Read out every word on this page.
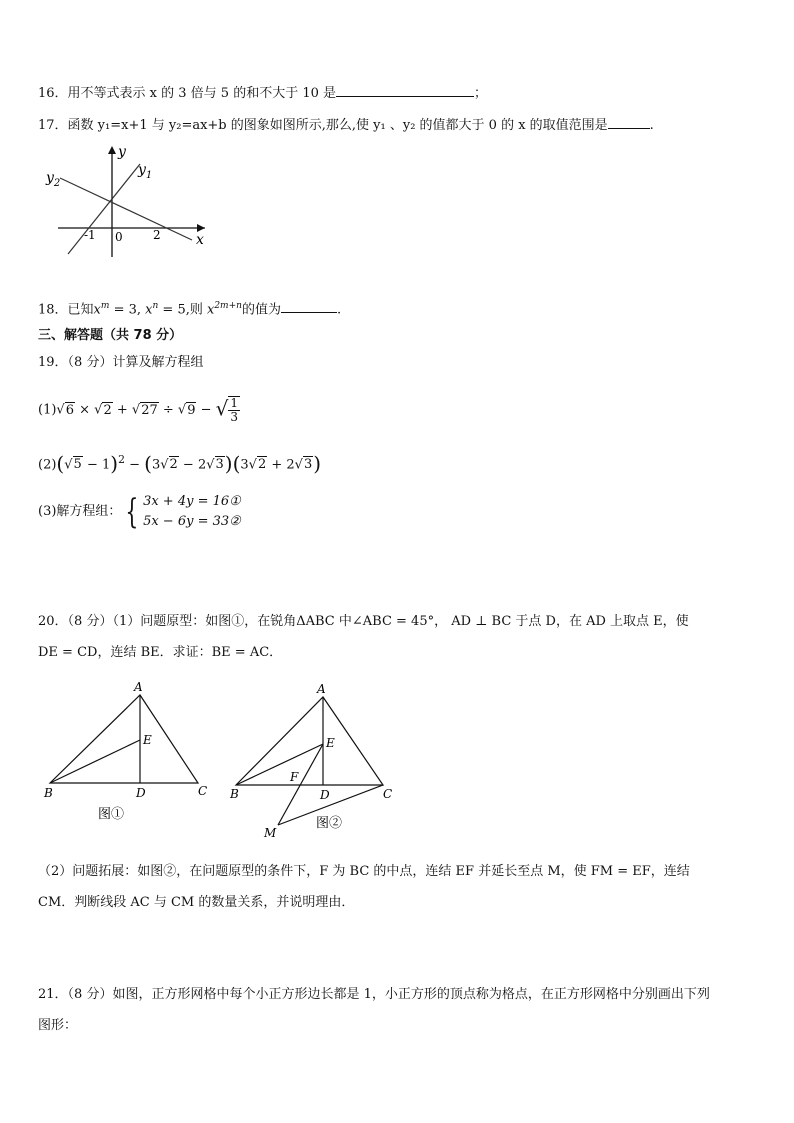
16．用不等式表示 x 的 3 倍与 5 的和不大于 10 是	；
17．函数 y₁=x+1 与 y₂=ax+b 的图象如图所示,那么,使 y₁ 、y₂ 的值都大于 0 的 x 的取值范围是	.
y
x
0
-1	2
$y_1$
$y_2$
18．已知$x^m = 3$, $x^n = 5$,则 $x^{2m+n}$的值为	.
三、解答题（共 78 分）
19．（8 分）计算及解方程组
(1)√6 × √2 + √27 ÷ √9 − √ $\frac{1}{3}$
$(2)(√5 - 1)^2 - (3√2 - 2√3)(3√2 + 2√3)$
(3)解方程组： { 3x + 4y = 16①
5x − 6y = 33②
20．（8 分）（1）问题原型：如图①，在锐角ΔABC 中∠ABC = 45°， AD ⊥ BC 于点 D，在 AD 上取点 E，使
DE = CD，连结 BE．求证：BE = AC．
A
B	C
D
E
图①
A
B	C
D
E
F
M
图②
（2）问题拓展：如图②，在问题原型的条件下，F 为 BC 的中点，连结 EF 并延长至点 M，使 FM = EF，连结
CM．判断线段 AC 与 CM 的数量关系，并说明理由．
21．（8 分）如图，正方形网格中每个小正方形边长都是 1，小正方形的顶点称为格点，在正方形网格中分别画出下列
图形：
